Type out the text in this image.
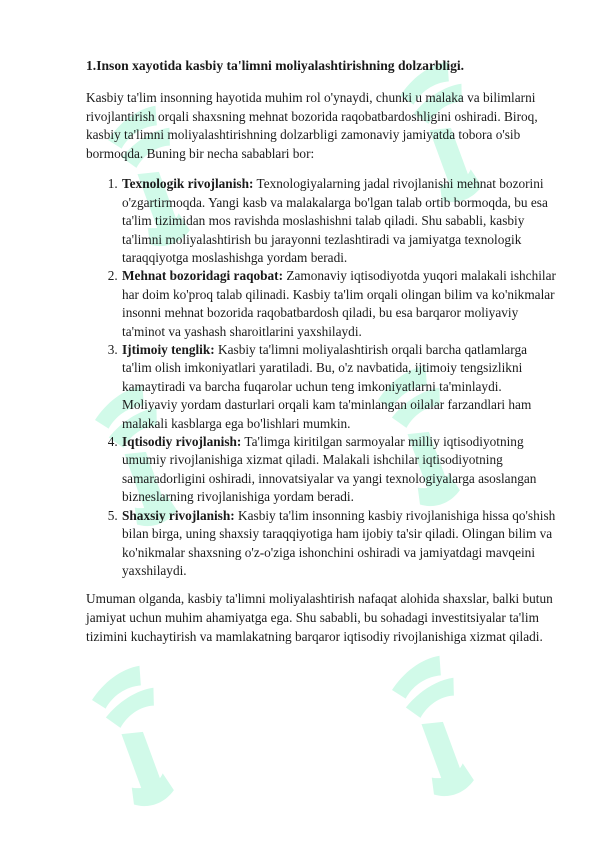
1.Inson xayotida kasbiy ta'limni moliyalashtirishning dolzarbligi.

Kasbiy ta'lim insonning hayotida muhim rol o'ynaydi, chunki u malaka va bilimlarni rivojlantirish orqali shaxsning mehnat bozorida raqobatbardoshligini oshiradi. Biroq, kasbiy ta'limni moliyalashtirishning dolzarbligi zamonaviy jamiyatda tobora o'sib bormoqda. Buning bir necha sabablari bor:

1. Texnologik rivojlanish: Texnologiyalarning jadal rivojlanishi mehnat bozorini o'zgartirmoqda. Yangi kasb va malakalarga bo'lgan talab ortib bormoqda, bu esa ta'lim tizimidan mos ravishda moslashishni talab qiladi. Shu sababli, kasbiy ta'limni moliyalashtirish bu jarayonni tezlashtiradi va jamiyatga texnologik taraqqiyotga moslashishga yordam beradi.
2. Mehnat bozoridagi raqobat: Zamonaviy iqtisodiyotda yuqori malakali ishchilar har doim ko'proq talab qilinadi. Kasbiy ta'lim orqali olingan bilim va ko'nikmalar insonni mehnat bozorida raqobatbardosh qiladi, bu esa barqaror moliyaviy ta'minot va yashash sharoitlarini yaxshilaydi.
3. Ijtimoiy tenglik: Kasbiy ta'limni moliyalashtirish orqali barcha qatlamlarga ta'lim olish imkoniyatlari yaratiladi. Bu, o'z navbatida, ijtimoiy tengsizlikni kamaytiradi va barcha fuqarolar uchun teng imkoniyatlarni ta'minlaydi. Moliyaviy yordam dasturlari orqali kam ta'minlangan oilalar farzandlari ham malakali kasblarga ega bo'lishlari mumkin.
4. Iqtisodiy rivojlanish: Ta'limga kiritilgan sarmoyalar milliy iqtisodiyotning umumiy rivojlanishiga xizmat qiladi. Malakali ishchilar iqtisodiyotning samaradorligini oshiradi, innovatsiyalar va yangi texnologiyalarga asoslangan bizneslarning rivojlanishiga yordam beradi.
5. Shaxsiy rivojlanish: Kasbiy ta'lim insonning kasbiy rivojlanishiga hissa qo'shish bilan birga, uning shaxsiy taraqqiyotiga ham ijobiy ta'sir qiladi. Olingan bilim va ko'nikmalar shaxsning o'z-o'ziga ishonchini oshiradi va jamiyatdagi mavqeini yaxshilaydi.

Umuman olganda, kasbiy ta'limni moliyalashtirish nafaqat alohida shaxslar, balki butun jamiyat uchun muhim ahamiyatga ega. Shu sababli, bu sohadagi investitsiyalar ta'lim tizimini kuchaytirish va mamlakatning barqaror iqtisodiy rivojlanishiga xizmat qiladi.
